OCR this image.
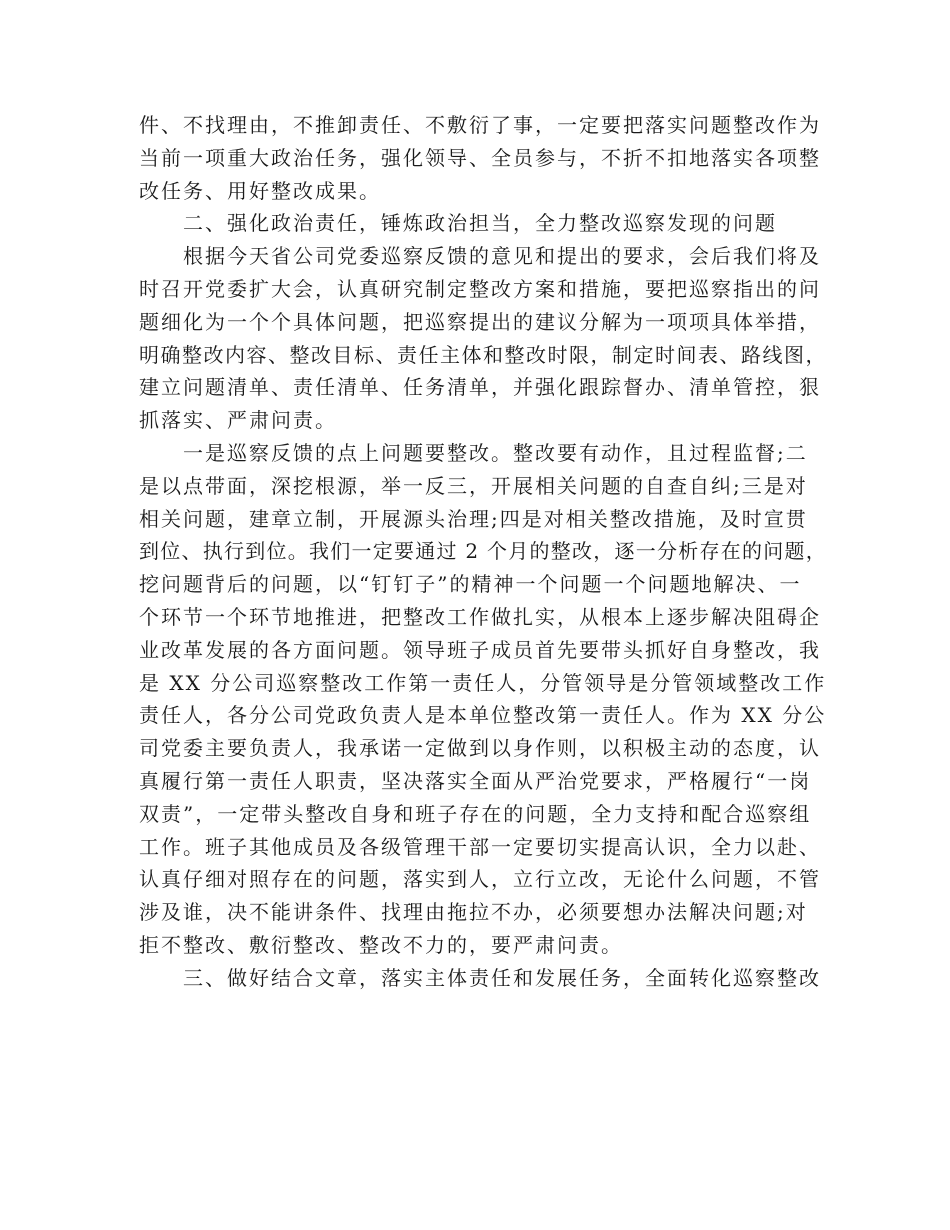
件、不找理由，不推卸责任、不敷衍了事，一定要把落实问题整改作为
当前一项重大政治任务，强化领导、全员参与，不折不扣地落实各项整
改任务、用好整改成果。

二、强化政治责任，锤炼政治担当，全力整改巡察发现的问题

根据今天省公司党委巡察反馈的意见和提出的要求，会后我们将及
时召开党委扩大会，认真研究制定整改方案和措施，要把巡察指出的问
题细化为一个个具体问题，把巡察提出的建议分解为一项项具体举措，
明确整改内容、整改目标、责任主体和整改时限，制定时间表、路线图，
建立问题清单、责任清单、任务清单，并强化跟踪督办、清单管控，狠
抓落实、严肃问责。

一是巡察反馈的点上问题要整改。整改要有动作，且过程监督;二
是以点带面，深挖根源，举一反三，开展相关问题的自查自纠;三是对
相关问题，建章立制，开展源头治理;四是对相关整改措施，及时宣贯
到位、执行到位。我们一定要通过 2 个月的整改，逐一分析存在的问题，
挖问题背后的问题，以“钉钉子”的精神一个问题一个问题地解决、一
个环节一个环节地推进，把整改工作做扎实，从根本上逐步解决阻碍企
业改革发展的各方面问题。领导班子成员首先要带头抓好自身整改，我
是 XX 分公司巡察整改工作第一责任人，分管领导是分管领域整改工作
责任人，各分公司党政负责人是本单位整改第一责任人。作为 XX 分公
司党委主要负责人，我承诺一定做到以身作则，以积极主动的态度，认
真履行第一责任人职责，坚决落实全面从严治党要求，严格履行“一岗
双责”，一定带头整改自身和班子存在的问题，全力支持和配合巡察组
工作。班子其他成员及各级管理干部一定要切实提高认识，全力以赴、
认真仔细对照存在的问题，落实到人，立行立改，无论什么问题，不管
涉及谁，决不能讲条件、找理由拖拉不办，必须要想办法解决问题;对
拒不整改、敷衍整改、整改不力的，要严肃问责。

三、做好结合文章，落实主体责任和发展任务，全面转化巡察整改
